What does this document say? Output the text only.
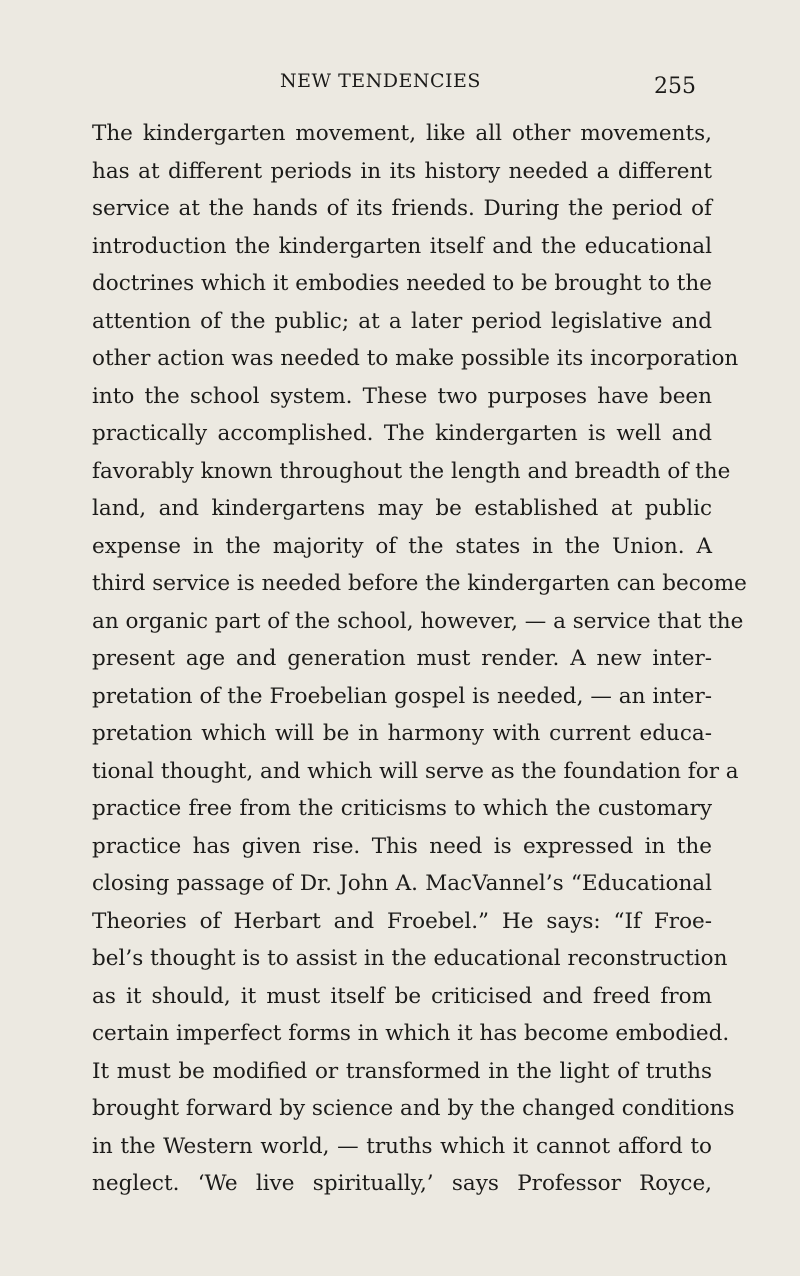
NEW TENDENCIES	255
The kindergarten movement, like all other movements,
has at different periods in its history needed a different
service at the hands of its friends. During the period of
introduction the kindergarten itself and the educational
doctrines which it embodies needed to be brought to the
attention of the public; at a later period legislative and
other action was needed to make possible its incorporation
into the school system. These two purposes have been
practically accomplished. The kindergarten is well and
favorably known throughout the length and breadth of the
land, and kindergartens may be established at public
expense in the majority of the states in the Union. A
third service is needed before the kindergarten can become
an organic part of the school, however, — a service that the
present age and generation must render. A new inter-
pretation of the Froebelian gospel is needed, — an inter-
pretation which will be in harmony with current educa-
tional thought, and which will serve as the foundation for a
practice free from the criticisms to which the customary
practice has given rise. This need is expressed in the
closing passage of Dr. John A. MacVannel’s “Educational
Theories of Herbart and Froebel.” He says: “If Froe-
bel’s thought is to assist in the educational reconstruction
as it should, it must itself be criticised and freed from
certain imperfect forms in which it has become embodied.
It must be modified or transformed in the light of truths
brought forward by science and by the changed conditions
in the Western world, — truths which it cannot afford to
neglect. ‘We live spiritually,’ says Professor Royce,
